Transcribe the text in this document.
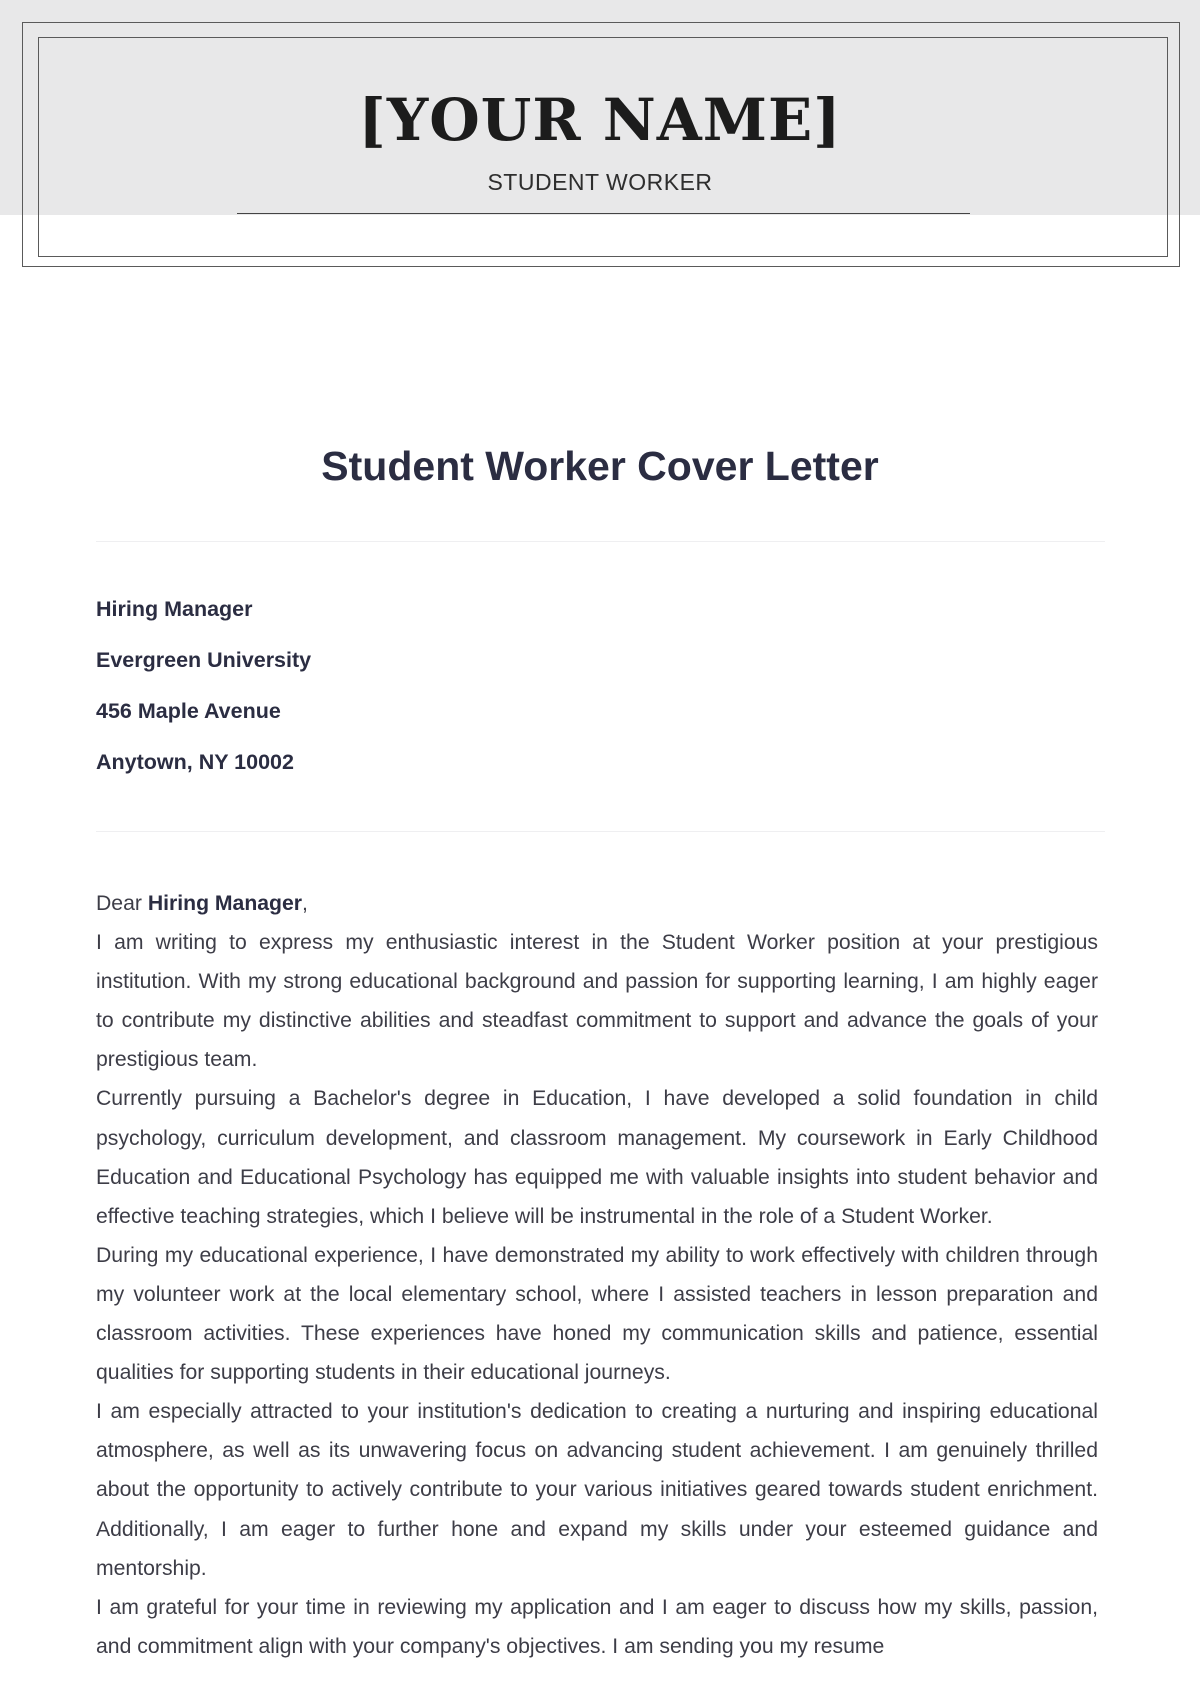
[YOUR NAME]
STUDENT WORKER
Student Worker Cover Letter
Hiring Manager
Evergreen University
456 Maple Avenue
Anytown, NY 10002

Dear Hiring Manager,

I am writing to express my enthusiastic interest in the Student Worker position at your prestigious institution. With my strong educational background and passion for supporting learning, I am highly eager to contribute my distinctive abilities and steadfast commitment to support and advance the goals of your prestigious team.

Currently pursuing a Bachelor's degree in Education, I have developed a solid foundation in child psychology, curriculum development, and classroom management. My coursework in Early Childhood Education and Educational Psychology has equipped me with valuable insights into student behavior and effective teaching strategies, which I believe will be instrumental in the role of a Student Worker.

During my educational experience, I have demonstrated my ability to work effectively with children through my volunteer work at the local elementary school, where I assisted teachers in lesson preparation and classroom activities. These experiences have honed my communication skills and patience, essential qualities for supporting students in their educational journeys.

I am especially attracted to your institution's dedication to creating a nurturing and inspiring educational atmosphere, as well as its unwavering focus on advancing student achievement. I am genuinely thrilled about the opportunity to actively contribute to your various initiatives geared towards student enrichment. Additionally, I am eager to further hone and expand my skills under your esteemed guidance and mentorship.

I am grateful for your time in reviewing my application and I am eager to discuss how my skills, passion, and commitment align with your company's objectives. I am sending you my resume
